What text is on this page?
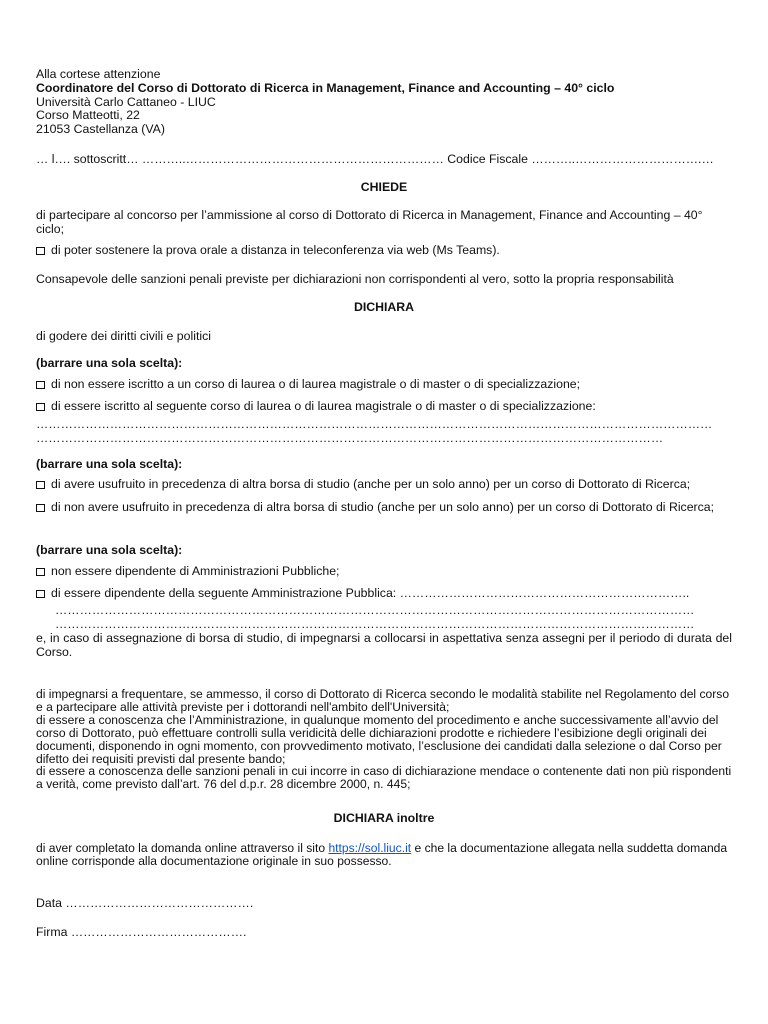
Alla cortese attenzione
Coordinatore del Corso di Dottorato di Ricerca in Management, Finance and Accounting – 40° ciclo
Università Carlo Cattaneo - LIUC
Corso Matteotti, 22
21053 Castellanza (VA)
… l…. sottoscritt… ………..……………………………………………………… Codice Fiscale ………..………………………….…
CHIEDE
di partecipare al concorso per l’ammissione al corso di Dottorato di Ricerca in Management, Finance and Accounting – 40° ciclo;
di poter sostenere la prova orale a distanza in teleconferenza via web (Ms Teams).
Consapevole delle sanzioni penali previste per dichiarazioni non corrispondenti al vero, sotto la propria responsabilità
DICHIARA
di godere dei diritti civili e politici
(barrare una sola scelta):
di non essere iscritto a un corso di laurea o di laurea magistrale o di master o di specializzazione;
di essere iscritto al seguente corso di laurea o di laurea magistrale o di master o di specializzazione:
…………………………………………………………………………………………………………………………………………………
………………………………………………………………………………………………………………………………………
(barrare una sola scelta):
di avere usufruito in precedenza di altra borsa di studio (anche per un solo anno) per un corso di Dottorato di Ricerca;
di non avere usufruito in precedenza di altra borsa di studio (anche per un solo anno) per un corso di Dottorato di Ricerca;
(barrare una sola scelta):
non essere dipendente di Amministrazioni Pubbliche;
di essere dipendente della seguente Amministrazione Pubblica: ……………………………………………………………..
…………………………………………………………………………………………………………………………………………
…………………………………………………………………………………………………………………………………………
e, in caso di assegnazione di borsa di studio, di impegnarsi a collocarsi in aspettativa senza assegni per il periodo di durata del Corso.
di impegnarsi a frequentare, se ammesso, il corso di Dottorato di Ricerca secondo le modalità stabilite nel Regolamento del corso e a partecipare alle attività previste per i dottorandi nell'ambito dell'Università;
di essere a conoscenza che l’Amministrazione, in qualunque momento del procedimento e anche successivamente all’avvio del corso di Dottorato, può effettuare controlli sulla veridicità delle dichiarazioni prodotte e richiedere l’esibizione degli originali dei documenti, disponendo in ogni momento, con provvedimento motivato, l’esclusione dei candidati dalla selezione o dal Corso per difetto dei requisiti previsti dal presente bando;
di essere a conoscenza delle sanzioni penali in cui incorre in caso di dichiarazione mendace o contenente dati non più rispondenti a verità, come previsto dall’art. 76 del d.p.r. 28 dicembre 2000, n. 445;
DICHIARA inoltre
di aver completato la domanda online attraverso il sito https://sol.liuc.it e che la documentazione allegata nella suddetta domanda online corrisponde alla documentazione originale in suo possesso.
Data ……………………………………….
Firma …………………………………….
